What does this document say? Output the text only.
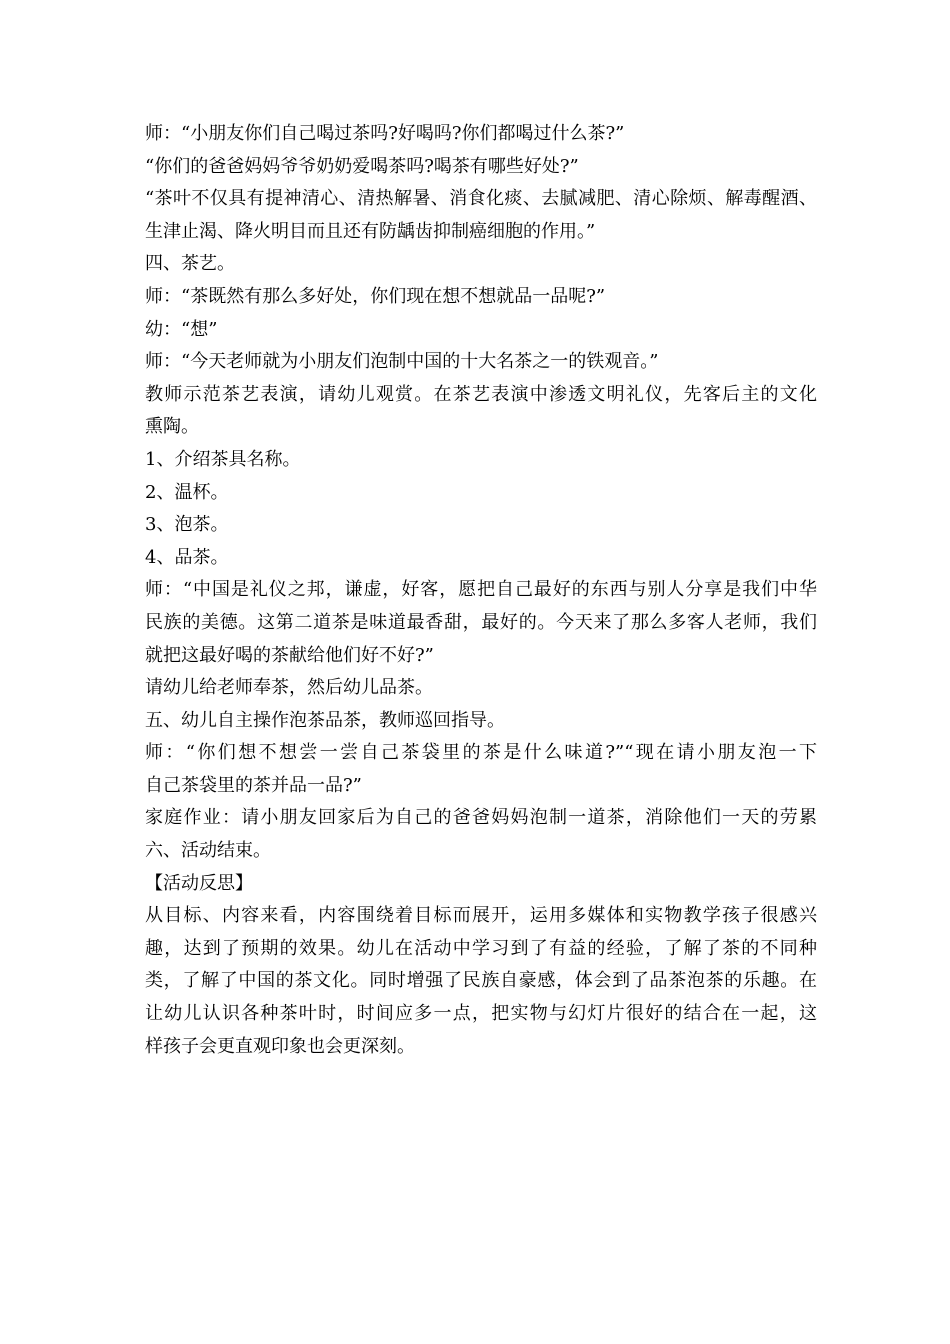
师：“小朋友你们自己喝过茶吗?好喝吗?你们都喝过什么茶?”

“你们的爸爸妈妈爷爷奶奶爱喝茶吗?喝茶有哪些好处?”

“茶叶不仅具有提神清心、清热解暑、消食化痰、去腻减肥、清心除烦、解毒醒酒、

生津止渴、降火明目而且还有防龋齿抑制癌细胞的作用。”

四、茶艺。

师：“茶既然有那么多好处，你们现在想不想就品一品呢?”

幼：“想”

师：“今天老师就为小朋友们泡制中国的十大名茶之一的铁观音。”

教师示范茶艺表演，请幼儿观赏。在茶艺表演中渗透文明礼仪，先客后主的文化

熏陶。

1、介绍茶具名称。

2、温杯。

3、泡茶。

4、品茶。

师：“中国是礼仪之邦，谦虚，好客，愿把自己最好的东西与别人分享是我们中华

民族的美德。这第二道茶是味道最香甜，最好的。今天来了那么多客人老师，我们

就把这最好喝的茶献给他们好不好?”

请幼儿给老师奉茶，然后幼儿品茶。

五、幼儿自主操作泡茶品茶，教师巡回指导。

师：“你们想不想尝一尝自己茶袋里的茶是什么味道?”“现在请小朋友泡一下

自己茶袋里的茶并品一品?”

家庭作业：请小朋友回家后为自己的爸爸妈妈泡制一道茶，消除他们一天的劳累

六、活动结束。

【活动反思】

从目标、内容来看，内容围绕着目标而展开，运用多媒体和实物教学孩子很感兴

趣，达到了预期的效果。幼儿在活动中学习到了有益的经验，了解了茶的不同种

类，了解了中国的茶文化。同时增强了民族自豪感，体会到了品茶泡茶的乐趣。在

让幼儿认识各种茶叶时，时间应多一点，把实物与幻灯片很好的结合在一起，这

样孩子会更直观印象也会更深刻。
